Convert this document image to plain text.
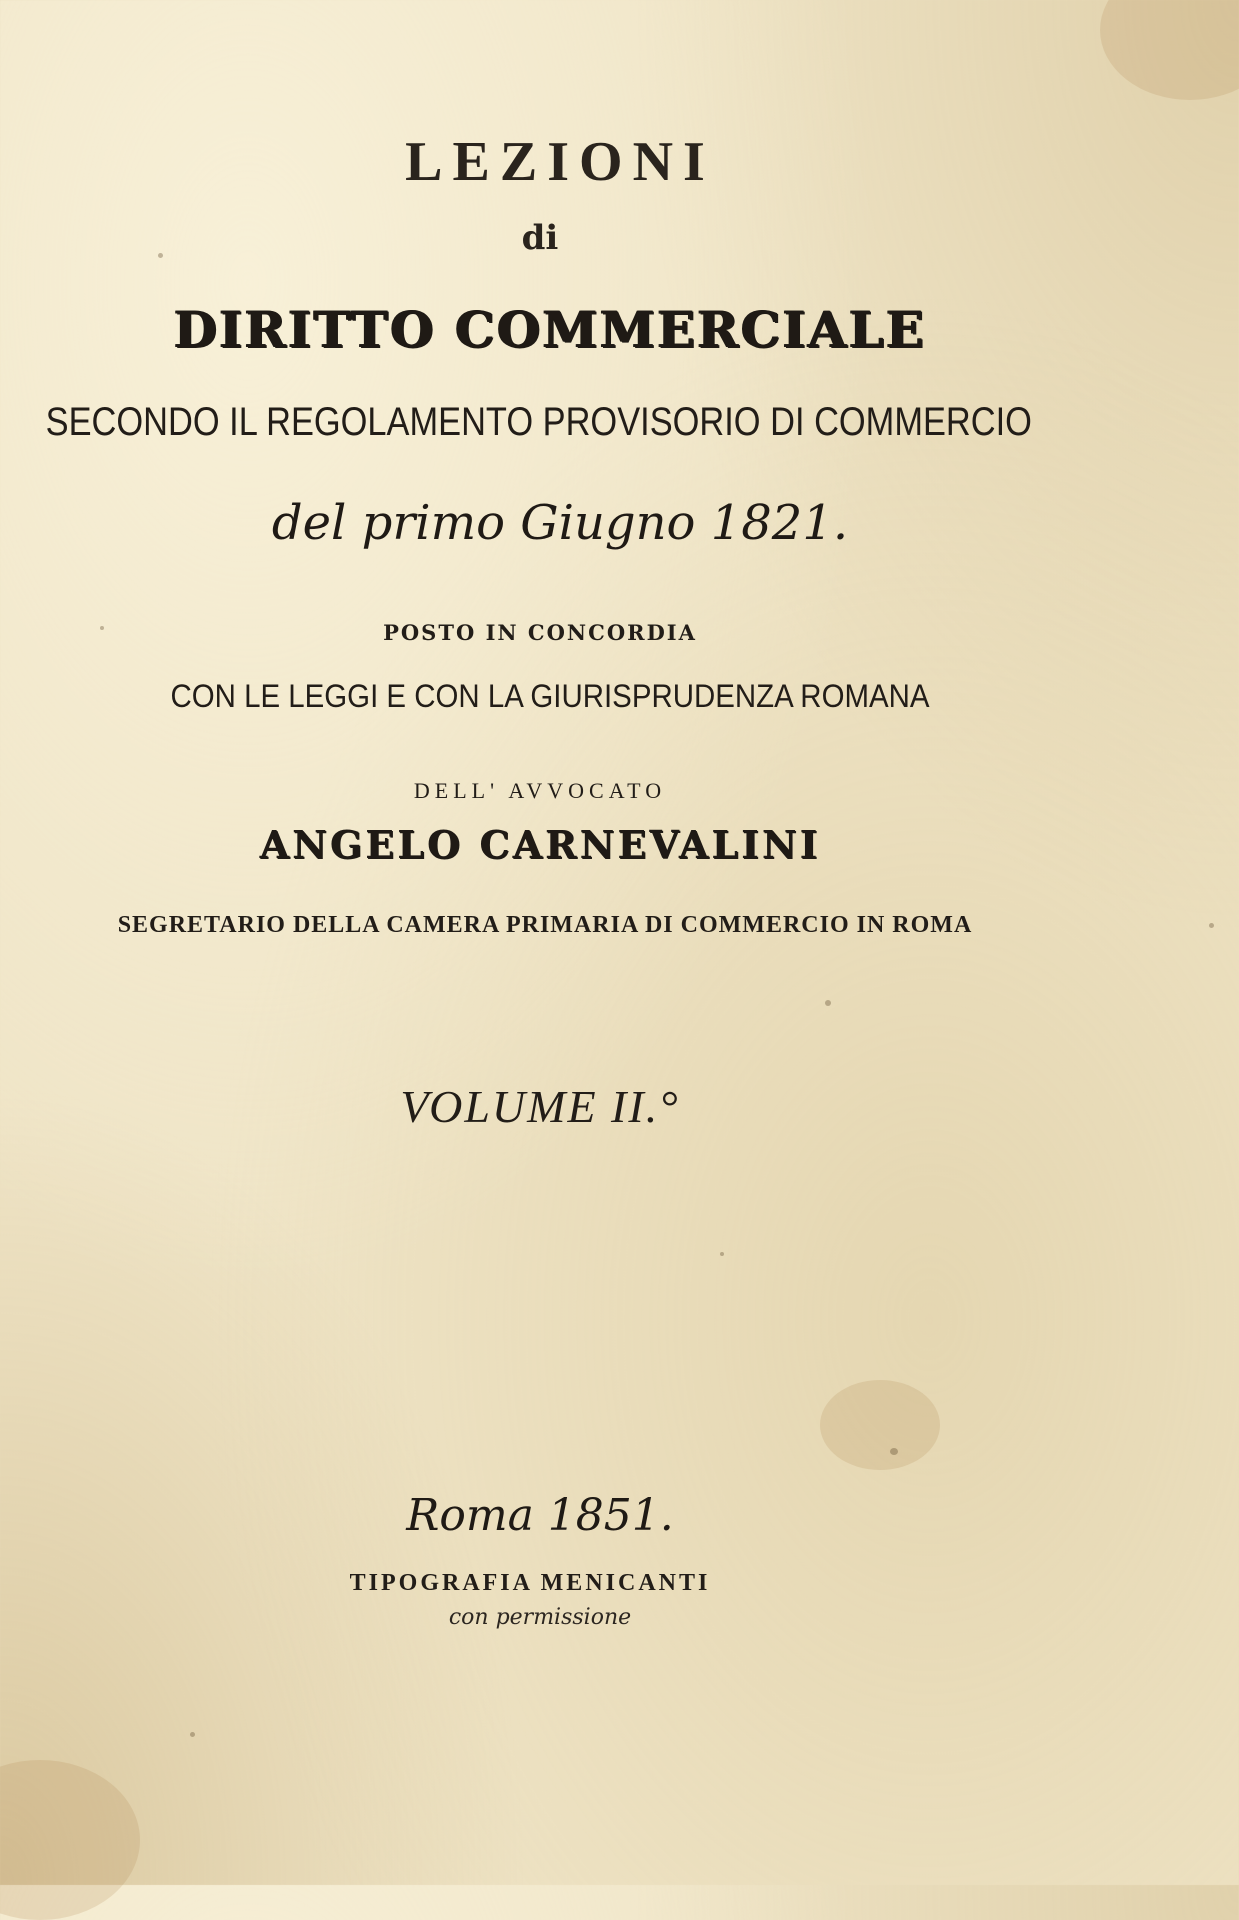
LEZIONI
di
DIRITTO COMMERCIALE
SECONDO IL REGOLAMENTO PROVISORIO DI COMMERCIO
del primo Giugno 1821.
POSTO IN CONCORDIA
CON LE LEGGI E CON LA GIURISPRUDENZA ROMANA
DELL' AVVOCATO
ANGELO CARNEVALINI
SEGRETARIO DELLA CAMERA PRIMARIA DI COMMERCIO IN ROMA
VOLUME II.°
Roma 1851.
TIPOGRAFIA MENICANTI
con permissione
